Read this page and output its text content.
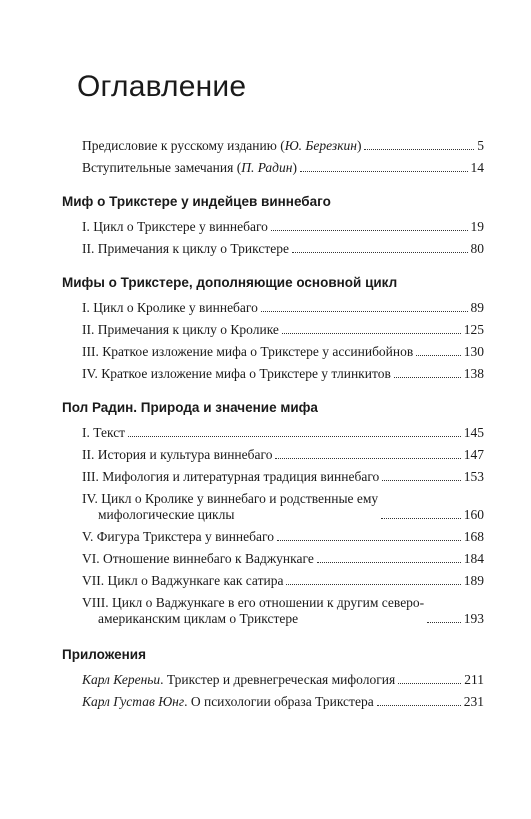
Оглавление
Предисловие к русскому изданию (Ю. Березкин)	5
Вступительные замечания (П. Радин)	14
Миф о Трикстере у индейцев виннебаго
I. Цикл о Трикстере у виннебаго	19
II. Примечания к циклу о Трикстере	80
Мифы о Трикстере, дополняющие основной цикл
I. Цикл о Кролике у виннебаго	89
II. Примечания к циклу о Кролике	125
III. Краткое изложение мифа о Трикстере у ассинибойнов	130
IV. Краткое изложение мифа о Трикстере у тлинкитов	138
Пол Радин. Природа и значение мифа
I. Текст	145
II. История и культура виннебаго	147
III. Мифология и литературная традиция виннебаго	153
IV. Цикл о Кролике у виннебаго и родственные ему
мифологические циклы	160
V. Фигура Трикстера у виннебаго	168
VI. Отношение виннебаго к Ваджункаге	184
VII. Цикл о Ваджункаге как сатира	189
VIII. Цикл о Ваджункаге в его отношении к другим северо-
американским циклам о Трикстере	193
Приложения
Карл Кереньи. Трикстер и древнегреческая мифология	211
Карл Густав Юнг. О психологии образа Трикстера	231
